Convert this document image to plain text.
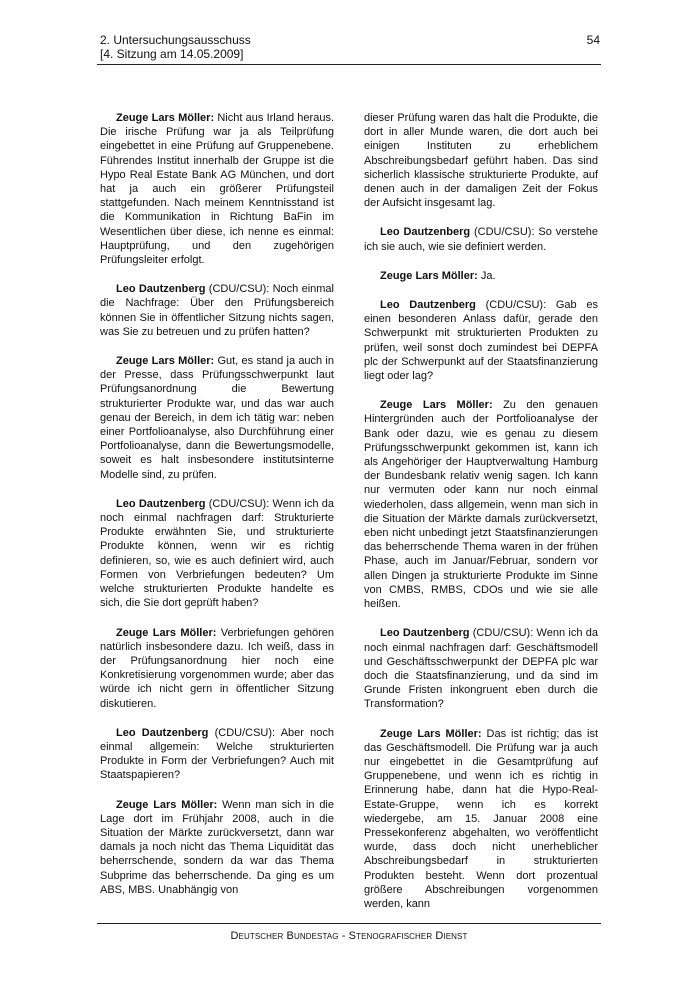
2. Untersuchungsausschuss
[4. Sitzung am 14.05.2009]
54

Zeuge Lars Möller: Nicht aus Irland heraus. Die irische Prüfung war ja als Teilprüfung eingebettet in eine Prüfung auf Gruppenebene. Führendes Institut innerhalb der Gruppe ist die Hypo Real Estate Bank AG München, und dort hat ja auch ein größerer Prüfungsteil stattgefunden. Nach meinem Kenntnisstand ist die Kommunikation in Richtung BaFin im Wesentlichen über diese, ich nenne es einmal: Hauptprüfung, und den zugehörigen Prüfungsleiter erfolgt.

Leo Dautzenberg (CDU/CSU): Noch einmal die Nachfrage: Über den Prüfungsbereich können Sie in öffentlicher Sitzung nichts sagen, was Sie zu betreuen und zu prüfen hatten?

Zeuge Lars Möller: Gut, es stand ja auch in der Presse, dass Prüfungsschwerpunkt laut Prüfungsanordnung die Bewertung strukturierter Produkte war, und das war auch genau der Bereich, in dem ich tätig war: neben einer Portfolioanalyse, also Durchführung einer Portfolioanalyse, dann die Bewertungsmodelle, soweit es halt insbesondere institutsinterne Modelle sind, zu prüfen.

Leo Dautzenberg (CDU/CSU): Wenn ich da noch einmal nachfragen darf: Strukturierte Produkte erwähnten Sie, und strukturierte Produkte können, wenn wir es richtig definieren, so, wie es auch definiert wird, auch Formen von Verbriefungen bedeuten? Um welche strukturierten Produkte handelte es sich, die Sie dort geprüft haben?

Zeuge Lars Möller: Verbriefungen gehören natürlich insbesondere dazu. Ich weiß, dass in der Prüfungsanordnung hier noch eine Konkretisierung vorgenommen wurde; aber das würde ich nicht gern in öffentlicher Sitzung diskutieren.

Leo Dautzenberg (CDU/CSU): Aber noch einmal allgemein: Welche strukturierten Produkte in Form der Verbriefungen? Auch mit Staatspapieren?

Zeuge Lars Möller: Wenn man sich in die Lage dort im Frühjahr 2008, auch in die Situation der Märkte zurückversetzt, dann war damals ja noch nicht das Thema Liquidität das beherrschende, sondern da war das Thema Subprime das beherrschende. Da ging es um ABS, MBS. Unabhängig von

dieser Prüfung waren das halt die Produkte, die dort in aller Munde waren, die dort auch bei einigen Instituten zu erheblichem Abschreibungsbedarf geführt haben. Das sind sicherlich klassische strukturierte Produkte, auf denen auch in der damaligen Zeit der Fokus der Aufsicht insgesamt lag.

Leo Dautzenberg (CDU/CSU): So verstehe ich sie auch, wie sie definiert werden.

Zeuge Lars Möller: Ja.

Leo Dautzenberg (CDU/CSU): Gab es einen besonderen Anlass dafür, gerade den Schwerpunkt mit strukturierten Produkten zu prüfen, weil sonst doch zumindest bei DEPFA plc der Schwerpunkt auf der Staatsfinanzierung liegt oder lag?

Zeuge Lars Möller: Zu den genauen Hintergründen auch der Portfolioanalyse der Bank oder dazu, wie es genau zu diesem Prüfungsschwerpunkt gekommen ist, kann ich als Angehöriger der Hauptverwaltung Hamburg der Bundesbank relativ wenig sagen. Ich kann nur vermuten oder kann nur noch einmal wiederholen, dass allgemein, wenn man sich in die Situation der Märkte damals zurückversetzt, eben nicht unbedingt jetzt Staatsfinanzierungen das beherrschende Thema waren in der frühen Phase, auch im Januar/Februar, sondern vor allen Dingen ja strukturierte Produkte im Sinne von CMBS, RMBS, CDOs und wie sie alle heißen.

Leo Dautzenberg (CDU/CSU): Wenn ich da noch einmal nachfragen darf: Geschäftsmodell und Geschäftsschwerpunkt der DEPFA plc war doch die Staatsfinanzierung, und da sind im Grunde Fristen inkongruent eben durch die Transformation?

Zeuge Lars Möller: Das ist richtig; das ist das Geschäftsmodell. Die Prüfung war ja auch nur eingebettet in die Gesamtprüfung auf Gruppenebene, und wenn ich es richtig in Erinnerung habe, dann hat die Hypo-Real-Estate-Gruppe, wenn ich es korrekt wiedergebe, am 15. Januar 2008 eine Pressekonferenz abgehalten, wo veröffentlicht wurde, dass doch nicht unerheblicher Abschreibungsbedarf in strukturierten Produkten besteht. Wenn dort prozentual größere Abschreibungen vorgenommen werden, kann

Deutscher Bundestag - Stenografischer Dienst
